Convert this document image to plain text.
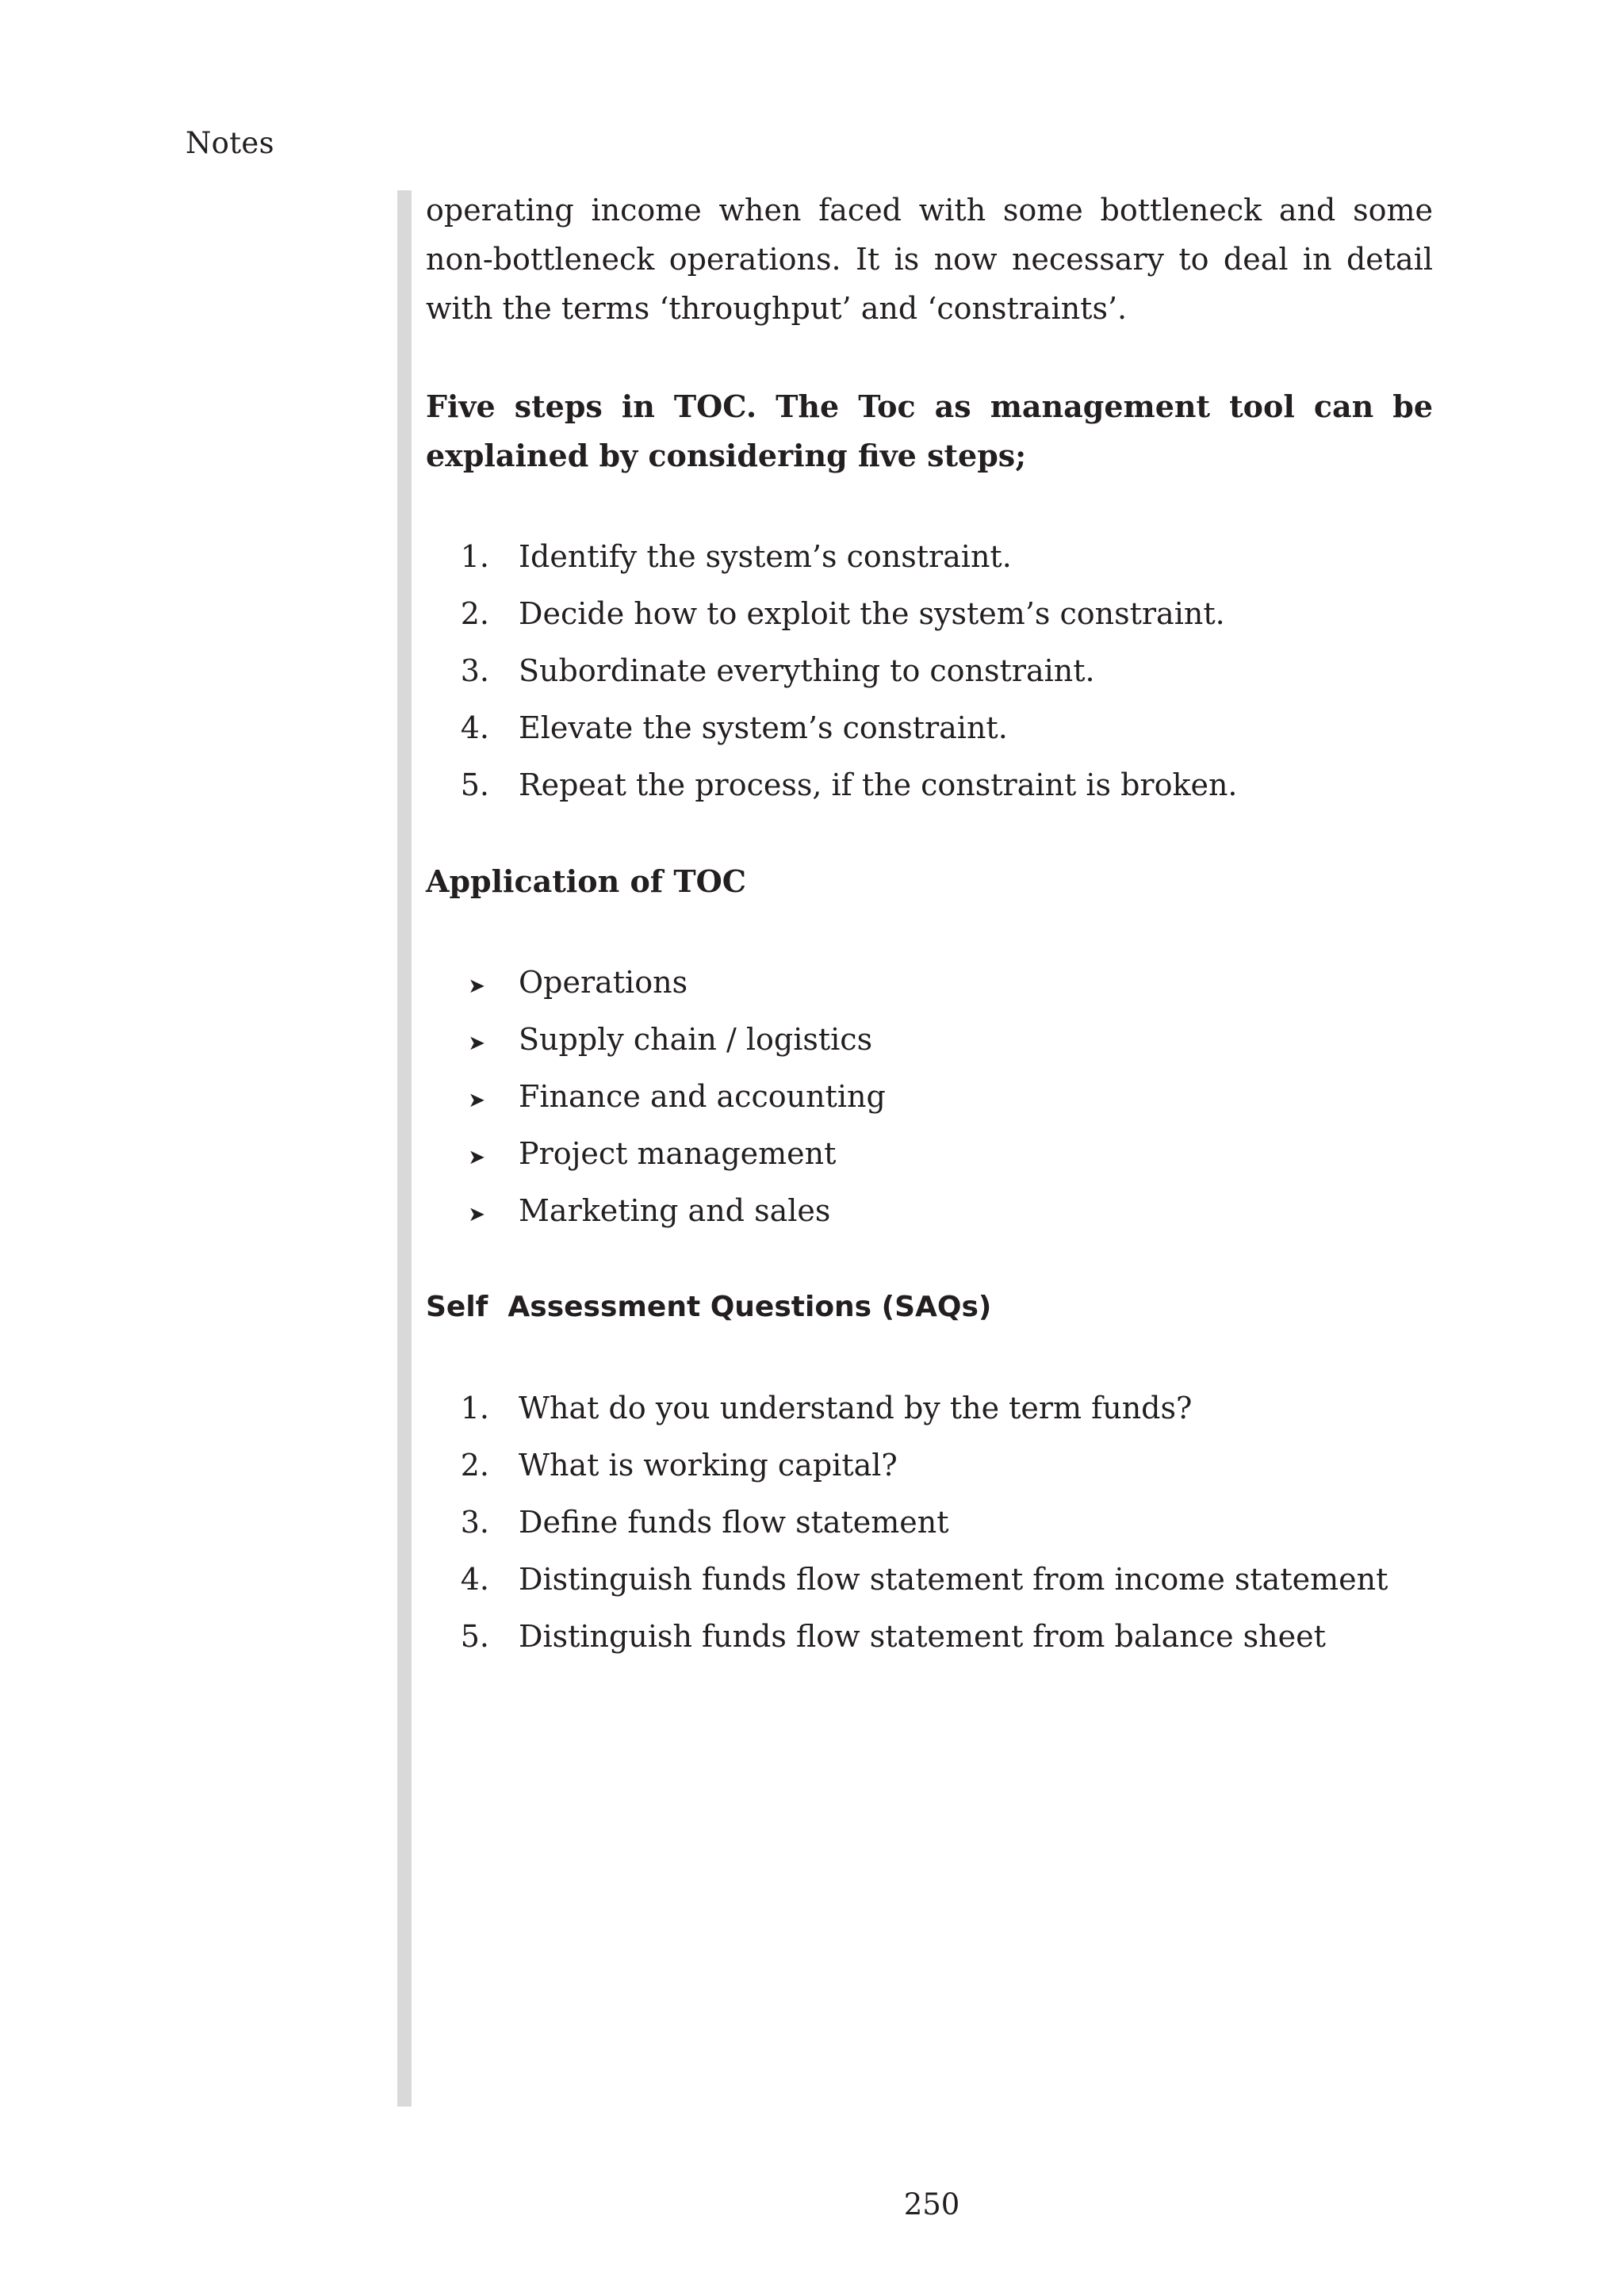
Notes

operating income when faced with some bottleneck and some non-bottleneck operations. It is now necessary to deal in detail with the terms ‘throughput’ and ‘constraints’.

Five steps in TOC. The Toc as management tool can be explained by considering five steps;

1. Identify the system’s constraint.
2. Decide how to exploit the system’s constraint.
3. Subordinate everything to constraint.
4. Elevate the system’s constraint.
5. Repeat the process, if the constraint is broken.

Application of TOC

➤	Operations
➤	Supply chain / logistics
➤	Finance and accounting
➤	Project management
➤	Marketing and sales

Self  Assessment Questions (SAQs)

1. What do you understand by the term funds?
2. What is working capital?
3. Define funds flow statement
4. Distinguish funds flow statement from income statement
5. Distinguish funds flow statement from balance sheet
250
